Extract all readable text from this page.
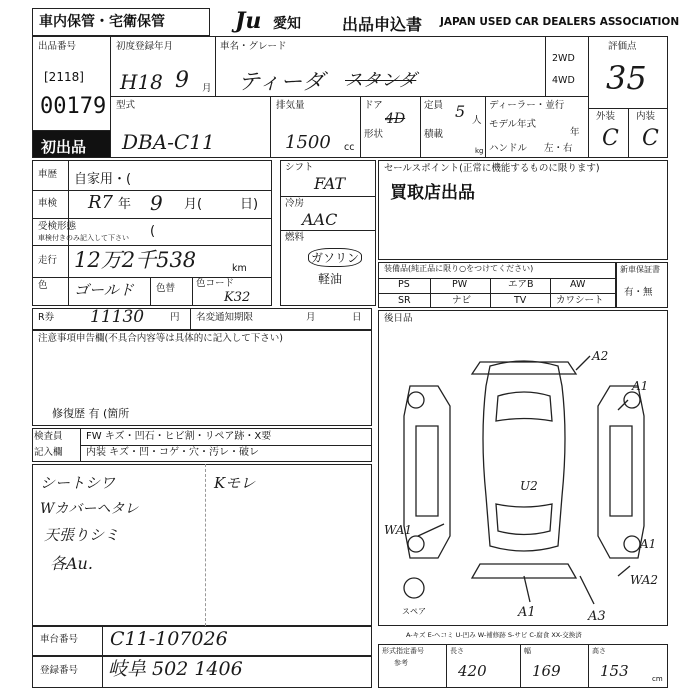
車内保管・宅衛保管	Ju 愛知	出品申込書 JAPAN USED CAR DEALERS ASSOCIATION
出品番号
[2118]
00179
初出品
初度登録年月
H18 9 月
車名・グレード
ティーダ スタンダ
2WD
4WD
評価点
35
型式
DBA-C11
排気量
1500 cc
ドア
4D
形状
定員 5 人
積載
kg
ディーラー・並行
モデル年式
年
ハンドル 左・右
外装 内装
C C
車歴 自家用・(
車検 R7 年 9 月(	日)
受検形態
車検付きのみ記入して下さい (
走行 12万2千538	km
色 ゴールド 色替 色コード
K32
シフト
FAT
冷房
AAC
燃料
ガソリン
軽油
セールスポイント(正常に機能するものに限ります)
買取店出品
装備品(純正品に限り○をつけてください)
PS	PW	エアB	AW
SR	ナビ	TV	カワシート
新車保証書
有・無
R券 11130	円 名変通知期限	月	日
注意事項申告欄(不具合内容等は具体的に記入して下さい)
修復歴 有 (箇所
検査員
記入欄
FW キズ・凹石・ヒビ割・リペア跡・X要
内装 キズ・凹・コゲ・穴・汚レ・破レ
シートシワ
Wカバーヘタレ
天張りシミ
各Au.
Kモレ
後日品
A2
A1
U2
WA1
A1
WA2
A1	A3
スペア
A-キズ E-ヘコミ U-凹み W-補修跡 S-サビ C-腐食 XX-交換済
車台番号 C11-107026
登録番号 岐阜 502 1406
形式指定番号
参考
長さ
420
幅
169
高さ
153	cm
